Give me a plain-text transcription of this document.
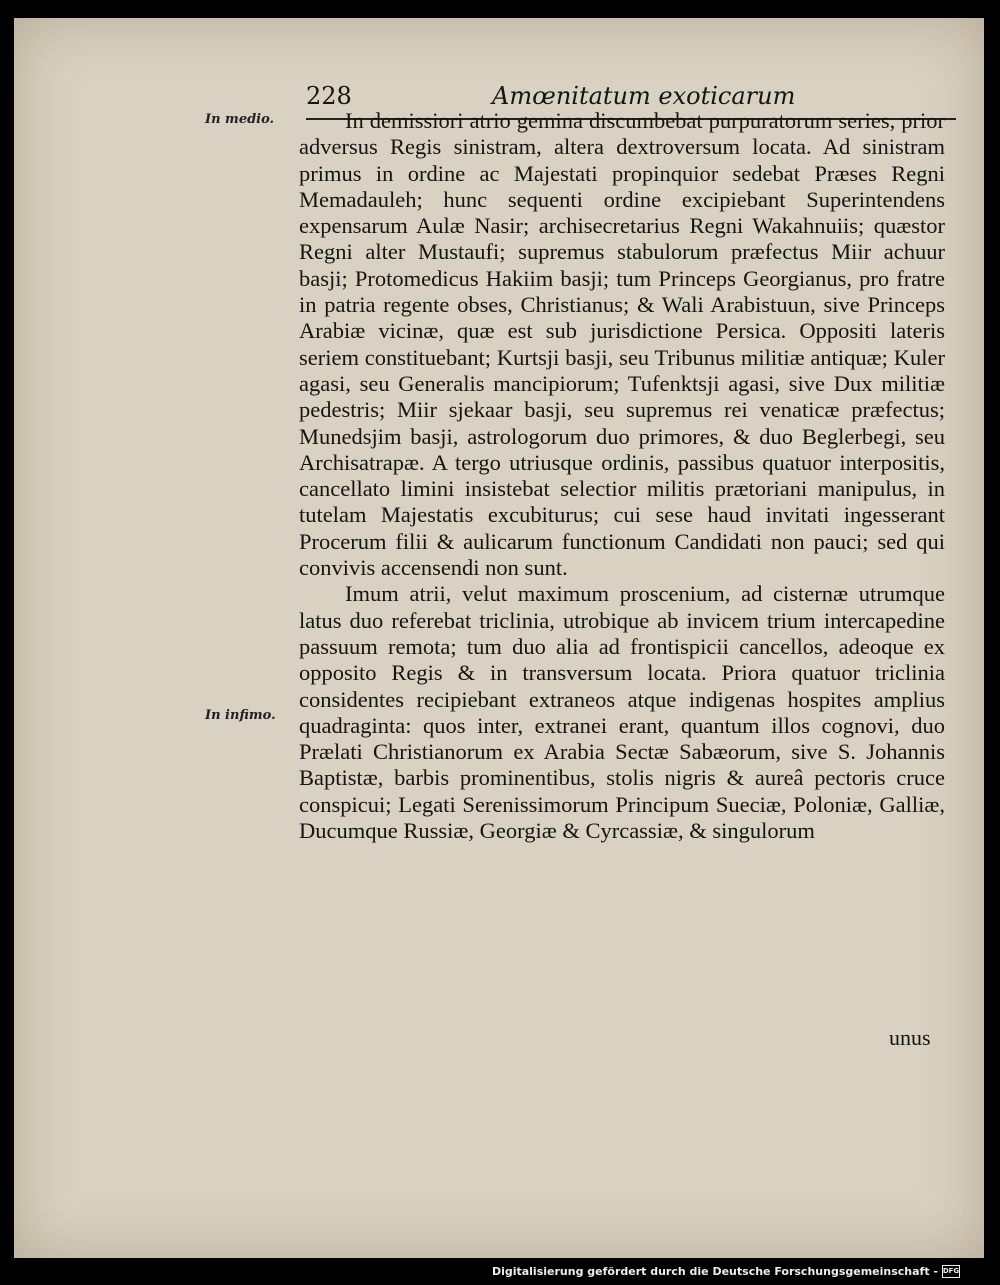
228	Amœnitatum exoticarum
In medio.
In infimo.

In demissiori atrio gemina discumbebat purpuratorum series, prior adversus Regis sinistram, altera dextroversum locata. Ad sinistram primus in ordine ac Majestati propinquior sedebat Præses Regni Memadauleh; hunc sequenti ordine excipiebant Superintendens expensarum Aulæ Nasir; archisecretarius Regni Wakahnuiis; quæstor Regni alter Mustaufi; supremus stabulorum præfectus Miir achuur basji; Protomedicus Hakiim basji; tum Princeps Georgianus, pro fratre in patria regente obses, Christianus; & Wali Arabistuun, sive Princeps Arabiæ vicinæ, quæ est sub jurisdictione Persica. Oppositi lateris seriem constituebant; Kurtsji basji, seu Tribunus militiæ antiquæ; Kuler agasi, seu Generalis mancipiorum; Tufenktsji agasi, sive Dux militiæ pedestris; Miir sjekaar basji, seu supremus rei venaticæ præfectus; Munedsjim basji, astrologorum duo primores, & duo Beglerbegi, seu Archisatrapæ. A tergo utriusque ordinis, passibus quatuor interpositis, cancellato limini insistebat selectior militis prætoriani manipulus, in tutelam Majestatis excubiturus; cui sese haud invitati ingesserant Procerum filii & aulicarum functionum Candidati non pauci; sed qui convivis accensendi non sunt.

Imum atrii, velut maximum proscenium, ad cisternæ utrumque latus duo referebat triclinia, utrobique ab invicem trium intercapedine passuum remota; tum duo alia ad frontispicii cancellos, adeoque ex opposito Regis & in transversum locata. Priora quatuor triclinia considentes recipiebant extraneos atque indigenas hospites amplius quadraginta: quos inter, extranei erant, quantum illos cognovi, duo Prælati Christianorum ex Arabia Sectæ Sabæorum, sive S. Johannis Baptistæ, barbis prominentibus, stolis nigris & aureâ pectoris cruce conspicui; Legati Serenissimorum Principum Sueciæ, Poloniæ, Galliæ, Ducumque Russiæ, Georgiæ & Cyrcassiæ, & singulorum

unus
Digitalisierung gefördert durch die Deutsche Forschungsgemeinschaft - DFG
